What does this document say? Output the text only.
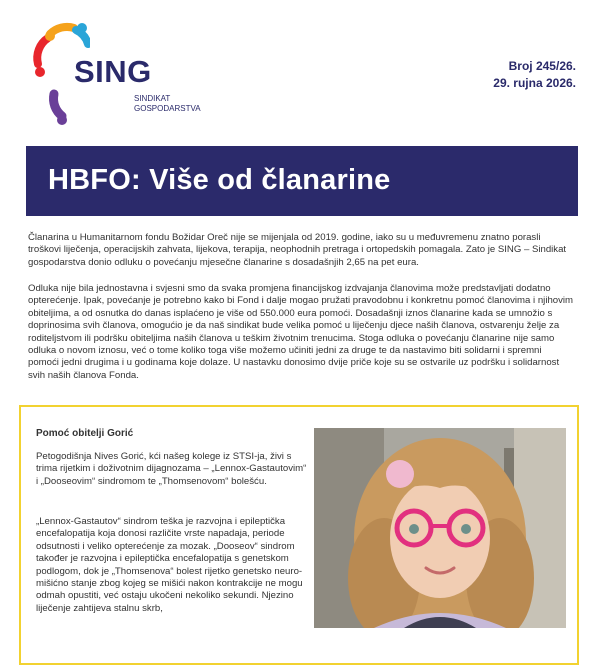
SING
SINDIKAT
GOSPODARSTVA
Broj 245/26.
29. rujna 2026.
HBFO: Više od članarine

Članarina u Humanitarnom fondu Božidar Oreč nije se mijenjala od 2019. godine, iako su u međuvremenu znatno porasli troškovi liječenja, operacijskih zahvata, lijekova, terapija, neophodnih pretraga i ortopedskih pomagala. Zato je SING – Sindikat gospodarstva donio odluku o povećanju mjesečne članarine s dosadašnjih 2,65 na pet eura.

Odluka nije bila jednostavna i svjesni smo da svaka promjena financijskog izdvajanja članovima može predstavljati dodatno opterećenje. Ipak, povećanje je potrebno kako bi Fond i dalje mogao pružati pravodobnu i konkretnu pomoć članovima i njihovim obiteljima, a od osnutka do danas isplaćeno je više od 550.000 eura pomoći. Dosadašnji iznos članarine kada se umnožio s doprinosima svih članova, omogućio je da naš sindikat bude velika pomoć u liječenju djece naših članova, ostvarenju želje za roditeljstvom ili podršku obiteljima naših članova u teškim životnim trenucima. Stoga odluka o povećanju članarine nije samo odluka o novom iznosu, već o tome koliko toga više možemo učiniti jedni za druge te da nastavimo biti solidarni i spremni pomoći jedni drugima i u godinama koje dolaze. U nastavku donosimo dvije priče koje su se ostvarile uz podršku i solidarnost svih naših članova Fonda.

Pomoć obitelji Gorić

Petogodišnja Nives Gorić, kći našeg kolege iz STSI-ja, živi s trima rijetkim i doživotnim dijagnozama – „Lennox-Gastautovim“ i „Dooseovim“ sindromom te „Thomsenovom“ bolešću.

„Lennox-Gastautov“ sindrom teška je razvojna i epileptička encefalopatija koja donosi različite vrste napadaja, periode odsutnosti i veliko opterećenje za mozak. „Dooseov“ sindrom također je razvojna i epileptička encefalopatija s genetskom podlogom, dok je „Thomsenova“ bolest rijetko genetsko neuro-mišićno stanje zbog kojeg se mišići nakon kontrakcije ne mogu odmah opustiti, već ostaju ukočeni nekoliko sekundi. Njezino liječenje zahtijeva stalnu skrb,
